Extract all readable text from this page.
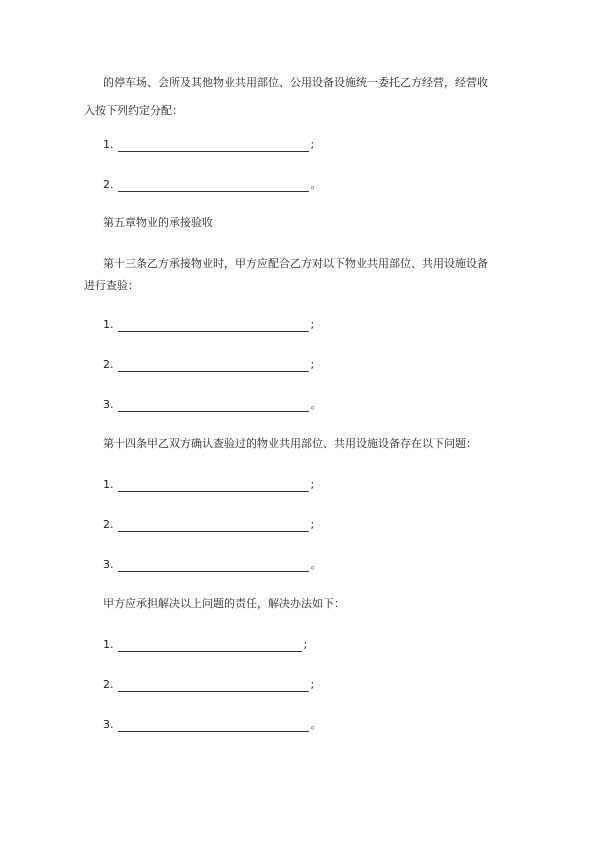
的停车场、会所及其他物业共用部位、公用设备设施统一委托乙方经营，经营收
入按下列约定分配：
1.	;
2.	。
第五章物业的承接验收
第十三条乙方承接物业时，甲方应配合乙方对以下物业共用部位、共用设施设备
进行查验：
1.	;
2.	;
3.	。
第十四条甲乙双方确认查验过的物业共用部位、共用设施设备存在以下问题：
1.	;
2.	;
3.	。
甲方应承担解决以上问题的责任，解决办法如下：
1.	;
2.	;
3.	。
